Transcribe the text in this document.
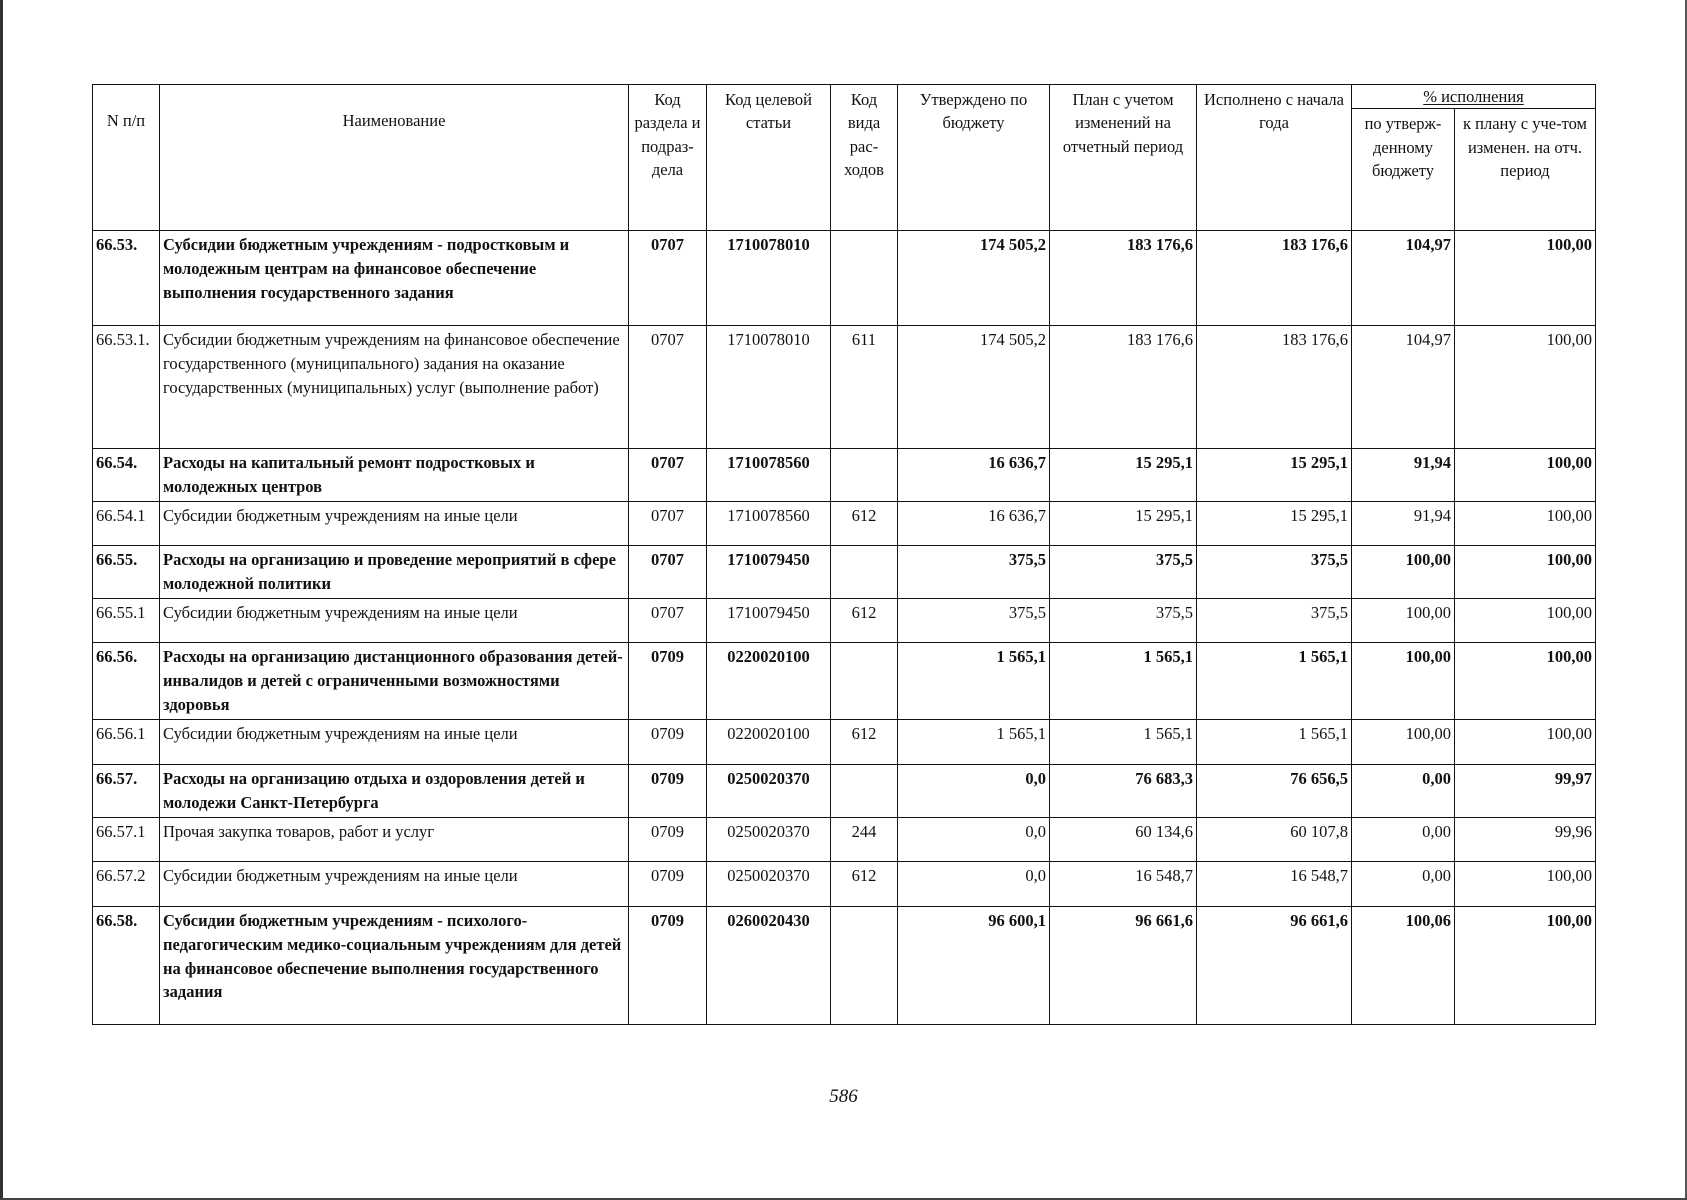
N п/п	Наименование	Код раздела и подраз-дела	Код целевой статьи	Код вида рас-ходов	Утверждено по бюджету	План с учетом изменений на отчетный период	Исполнено с начала года	% исполнения	
								по утверж-денному бюджету	к плану с уче-том изменен. на отч. период
66.53.	Субсидии бюджетным учреждениям - подростковым и молодежным центрам на финансовое обеспечение выполнения государственного задания	0707	1710078010		174 505,2	183 176,6	183 176,6	104,97	100,00
66.53.1.	Субсидии бюджетным учреждениям на финансовое обеспечение государственного (муниципального) задания на оказание государственных (муниципальных) услуг (выполнение работ)	0707	1710078010	611	174 505,2	183 176,6	183 176,6	104,97	100,00
66.54.	Расходы на капитальный ремонт подростковых и молодежных центров	0707	1710078560		16 636,7	15 295,1	15 295,1	91,94	100,00
66.54.1	Субсидии бюджетным учреждениям на иные цели	0707	1710078560	612	16 636,7	15 295,1	15 295,1	91,94	100,00
66.55.	Расходы на организацию и проведение мероприятий в сфере молодежной политики	0707	1710079450		375,5	375,5	375,5	100,00	100,00
66.55.1	Субсидии бюджетным учреждениям на иные цели	0707	1710079450	612	375,5	375,5	375,5	100,00	100,00
66.56.	Расходы на организацию дистанционного образования детей-инвалидов и детей с ограниченными возможностями здоровья	0709	0220020100		1 565,1	1 565,1	1 565,1	100,00	100,00
66.56.1	Субсидии бюджетным учреждениям на иные цели	0709	0220020100	612	1 565,1	1 565,1	1 565,1	100,00	100,00
66.57.	Расходы на организацию отдыха и оздоровления детей и молодежи Санкт-Петербурга	0709	0250020370		0,0	76 683,3	76 656,5	0,00	99,97
66.57.1	Прочая закупка товаров, работ и услуг	0709	0250020370	244	0,0	60 134,6	60 107,8	0,00	99,96
66.57.2	Субсидии бюджетным учреждениям на иные цели	0709	0250020370	612	0,0	16 548,7	16 548,7	0,00	100,00
66.58.	Субсидии бюджетным учреждениям - психолого-педагогическим медико-социальным учреждениям для детей на финансовое обеспечение выполнения государственного задания	0709	0260020430		96 600,1	96 661,6	96 661,6	100,06	100,00
586
